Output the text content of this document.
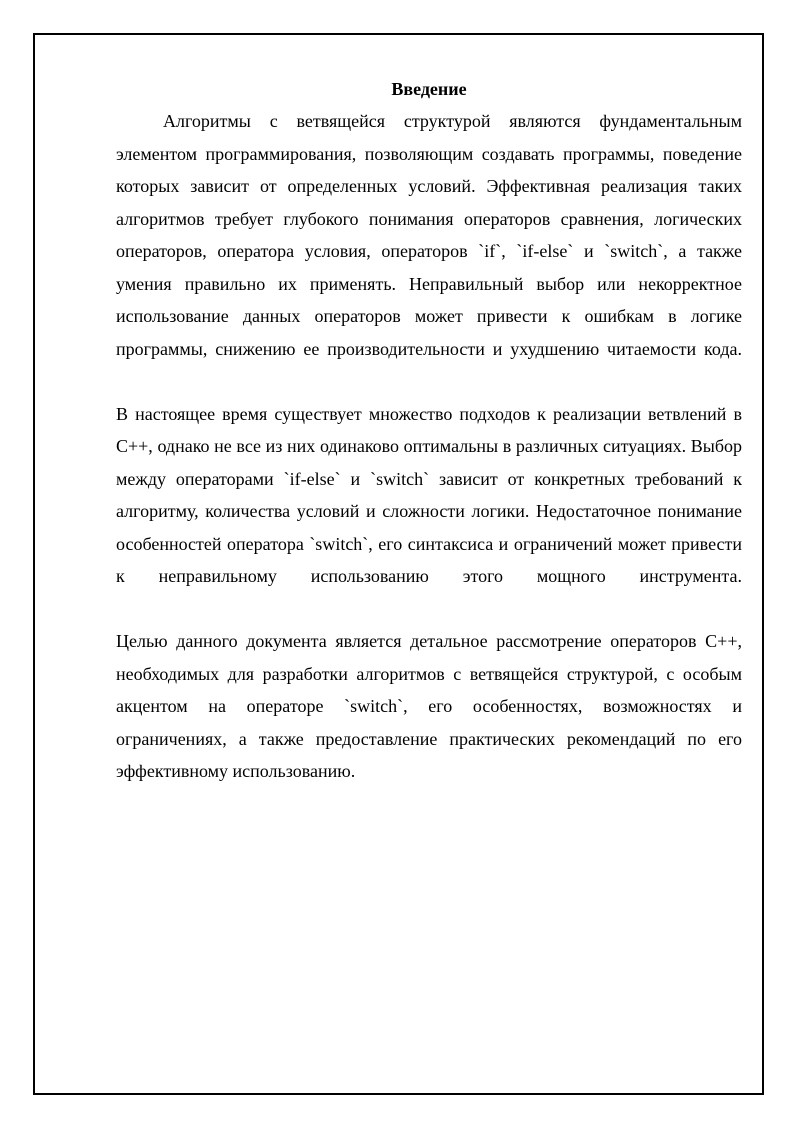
Введение

Алгоритмы с ветвящейся структурой являются фундаментальным элементом программирования, позволяющим создавать программы, поведение которых зависит от определенных условий. Эффективная реализация таких алгоритмов требует глубокого понимания операторов сравнения, логических операторов, оператора условия, операторов `if`, `if-else` и `switch`, а также умения правильно их применять. Неправильный выбор или некорректное использование данных операторов может привести к ошибкам в логике программы, снижению ее производительности и ухудшению читаемости кода.

В настоящее время существует множество подходов к реализации ветвлений в C++, однако не все из них одинаково оптимальны в различных ситуациях. Выбор между операторами `if-else` и `switch` зависит от конкретных требований к алгоритму, количества условий и сложности логики. Недостаточное понимание особенностей оператора `switch`, его синтаксиса и ограничений может привести к неправильному использованию этого мощного инструмента.

Целью данного документа является детальное рассмотрение операторов C++, необходимых для разработки алгоритмов с ветвящейся структурой, с особым акцентом на операторе `switch`, его особенностях, возможностях и ограничениях, а также предоставление практических рекомендаций по его эффективному использованию.
